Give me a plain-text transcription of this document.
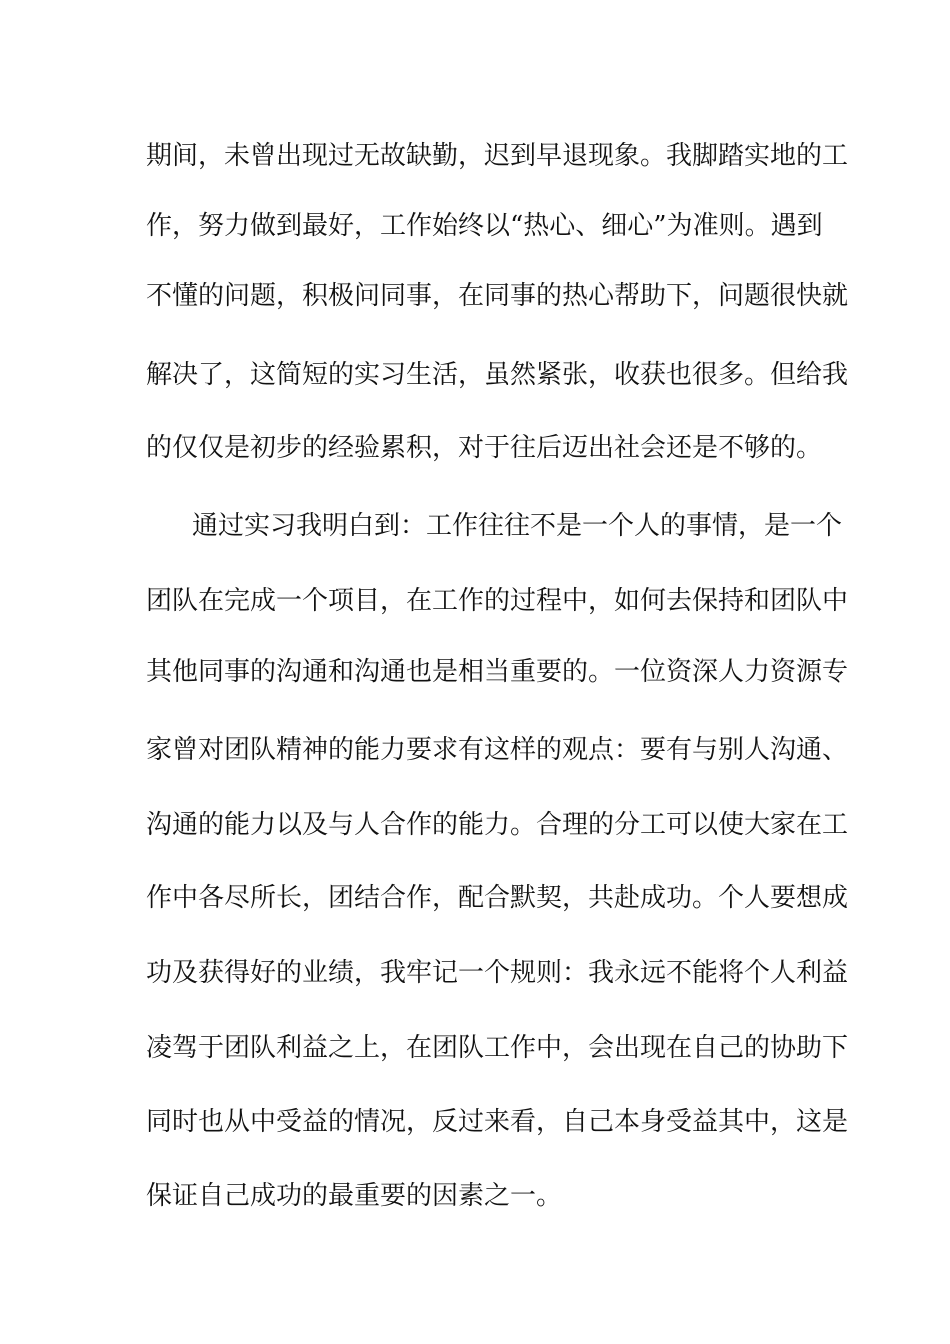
期间，未曾出现过无故缺勤，迟到早退现象。我脚踏实地的工
作，努力做到最好，工作始终以“热心、细心”为准则。遇到
不懂的问题，积极问同事，在同事的热心帮助下，问题很快就
解决了，这简短的实习生活，虽然紧张，收获也很多。但给我
的仅仅是初步的经验累积，对于往后迈出社会还是不够的。
通过实习我明白到：工作往往不是一个人的事情，是一个
团队在完成一个项目，在工作的过程中，如何去保持和团队中
其他同事的沟通和沟通也是相当重要的。一位资深人力资源专
家曾对团队精神的能力要求有这样的观点：要有与别人沟通、
沟通的能力以及与人合作的能力。合理的分工可以使大家在工
作中各尽所长，团结合作，配合默契，共赴成功。个人要想成
功及获得好的业绩，我牢记一个规则：我永远不能将个人利益
凌驾于团队利益之上，在团队工作中，会出现在自己的协助下
同时也从中受益的情况，反过来看，自己本身受益其中，这是
保证自己成功的最重要的因素之一。
